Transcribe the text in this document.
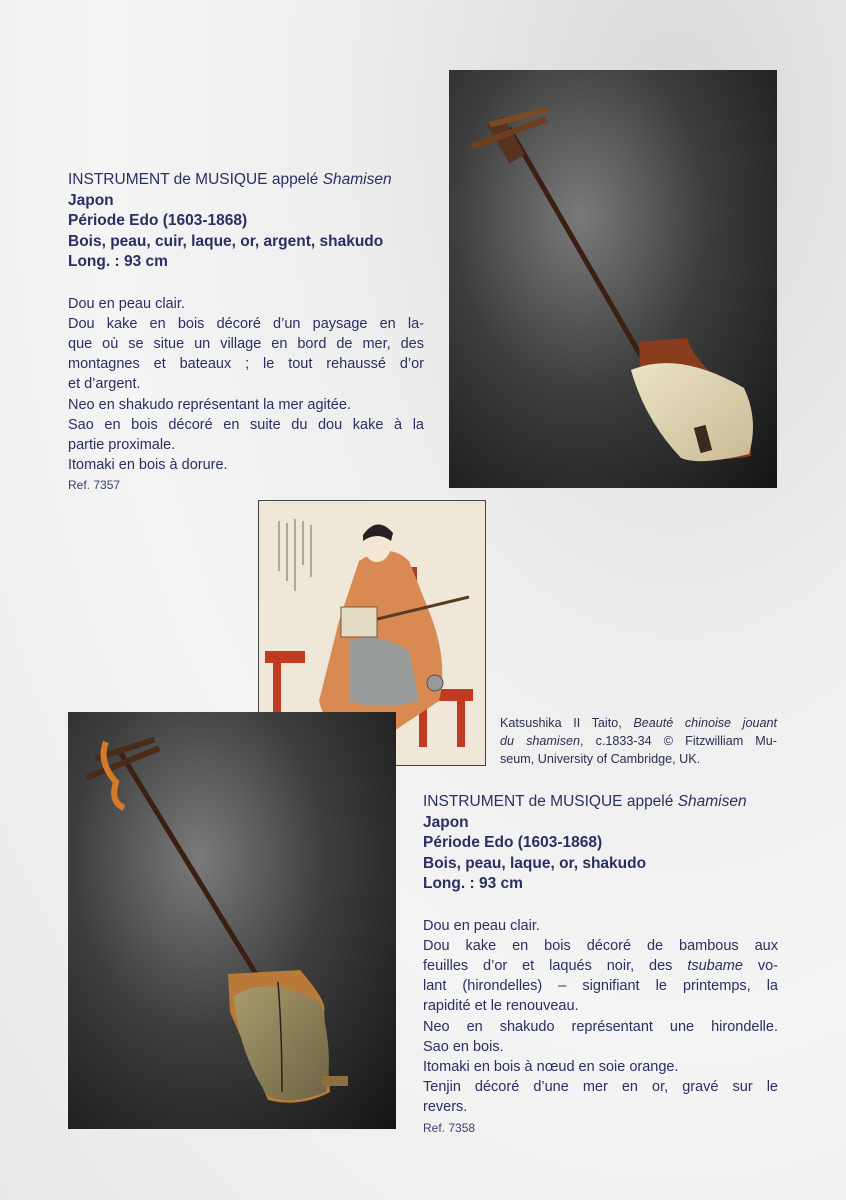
INSTRUMENT de MUSIQUE appelé Shamisen
Japon
Période Edo (1603-1868)
Bois, peau, cuir, laque, or, argent, shakudo
Long. : 93 cm
Dou en peau clair.
Dou kake en bois décoré d’un paysage en la-
que où se situe un village en bord de mer, des
montagnes et bateaux ; le tout rehaussé d’or
et d’argent.
Neo en shakudo représentant la mer agitée.
Sao en bois décoré en suite du dou kake à la
partie proximale.
Itomaki en bois à dorure.
Ref. 7357
Katsushika II Taito, Beauté chinoise jouant
du shamisen, c.1833-34 © Fitzwilliam Mu-
seum, University of Cambridge, UK.
INSTRUMENT de MUSIQUE appelé Shamisen
Japon
Période Edo (1603-1868)
Bois, peau, laque, or, shakudo
Long. : 93 cm
Dou en peau clair.
Dou kake en bois décoré de bambous aux
feuilles d’or et laqués noir, des tsubame vo-
lant (hirondelles) – signifiant le printemps, la
rapidité et le renouveau.
Neo en shakudo représentant une hirondelle.
Sao en bois.
Itomaki en bois à nœud en soie orange.
Tenjin décoré d’une mer en or, gravé sur le
revers.
Ref. 7358
